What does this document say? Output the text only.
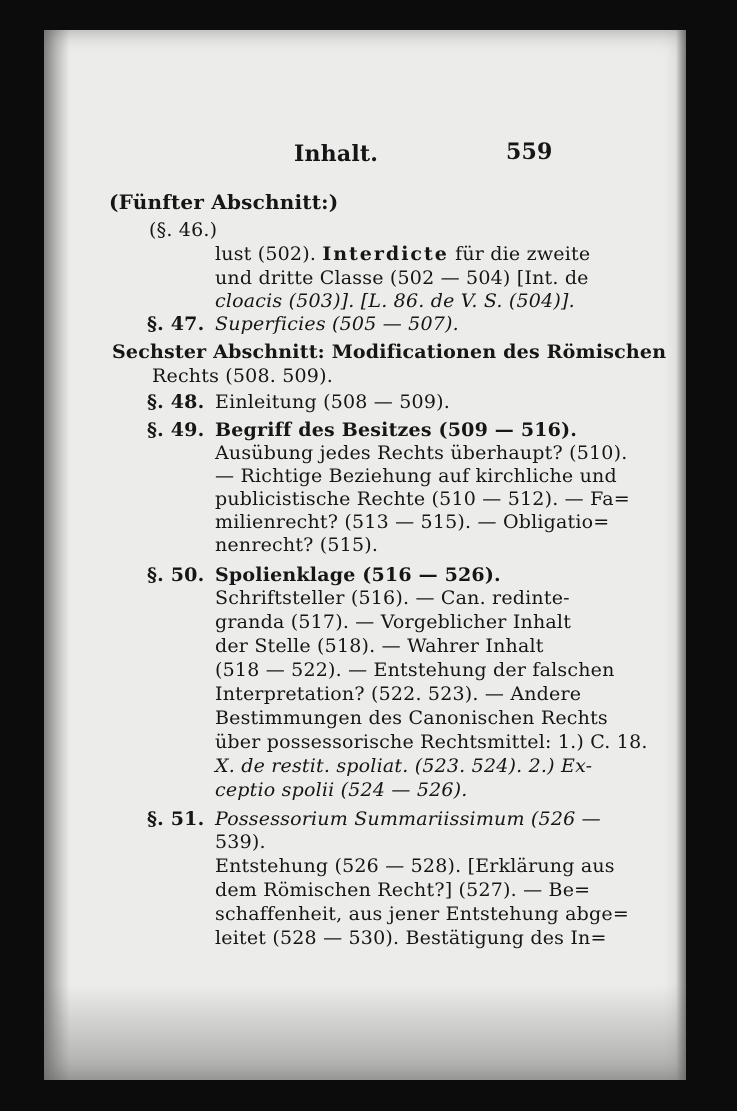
Inhalt.	559
(Fünfter Abschnitt:)
(§. 46.)
lust (502). Interdicte für die zweite
und dritte Classe (502 — 504) [Int. de
cloacis (503)]. [L. 86. de V. S. (504)].
§. 47. Superficies (505 — 507).
Sechster Abschnitt: Modificationen des Römischen
Rechts (508. 509).
§. 48. Einleitung (508 — 509).
§. 49. Begriff des Besitzes (509 — 516).
Ausübung jedes Rechts überhaupt? (510).
— Richtige Beziehung auf kirchliche und
publicistische Rechte (510 — 512). — Fa=
milienrecht? (513 — 515). — Obligatio=
nenrecht? (515).
§. 50. Spolienklage (516 — 526).
Schriftsteller (516). — Can. redinte-
granda (517). — Vorgeblicher Inhalt
der Stelle (518). — Wahrer Inhalt
(518 — 522). — Entstehung der falschen
Interpretation? (522. 523). — Andere
Bestimmungen des Canonischen Rechts
über possessorische Rechtsmittel: 1.) C. 18.
X. de restit. spoliat. (523. 524). 2.) Ex-
ceptio spolii (524 — 526).
§. 51. Possessorium Summariissimum (526 —
539).
Entstehung (526 — 528). [Erklärung aus
dem Römischen Recht?] (527). — Be=
schaffenheit, aus jener Entstehung abge=
leitet (528 — 530). Bestätigung des In=
